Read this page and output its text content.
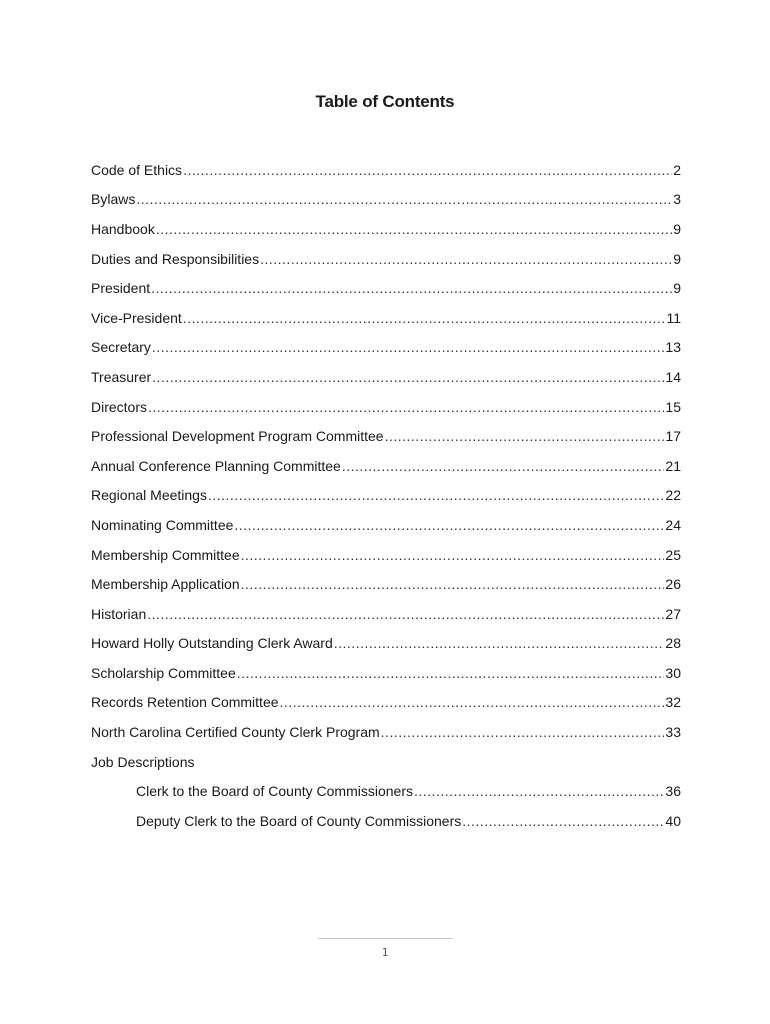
Table of Contents
Code of Ethics .....	2
Bylaws .....	3
Handbook .....	9
Duties and Responsibilities .....	9
President .....	9
Vice-President .....	11
Secretary .....	13
Treasurer .....	14
Directors .....	15
Professional Development Program Committee .....	17
Annual Conference Planning Committee .....	21
Regional Meetings .....	22
Nominating Committee .....	24
Membership Committee .....	25
Membership Application .....	26
Historian .....	27
Howard Holly Outstanding Clerk Award .....	28
Scholarship Committee .....	30
Records Retention Committee .....	32
North Carolina Certified County Clerk Program .....	33
Job Descriptions
Clerk to the Board of County Commissioners .....	36
Deputy Clerk to the Board of County Commissioners .....	40
1
